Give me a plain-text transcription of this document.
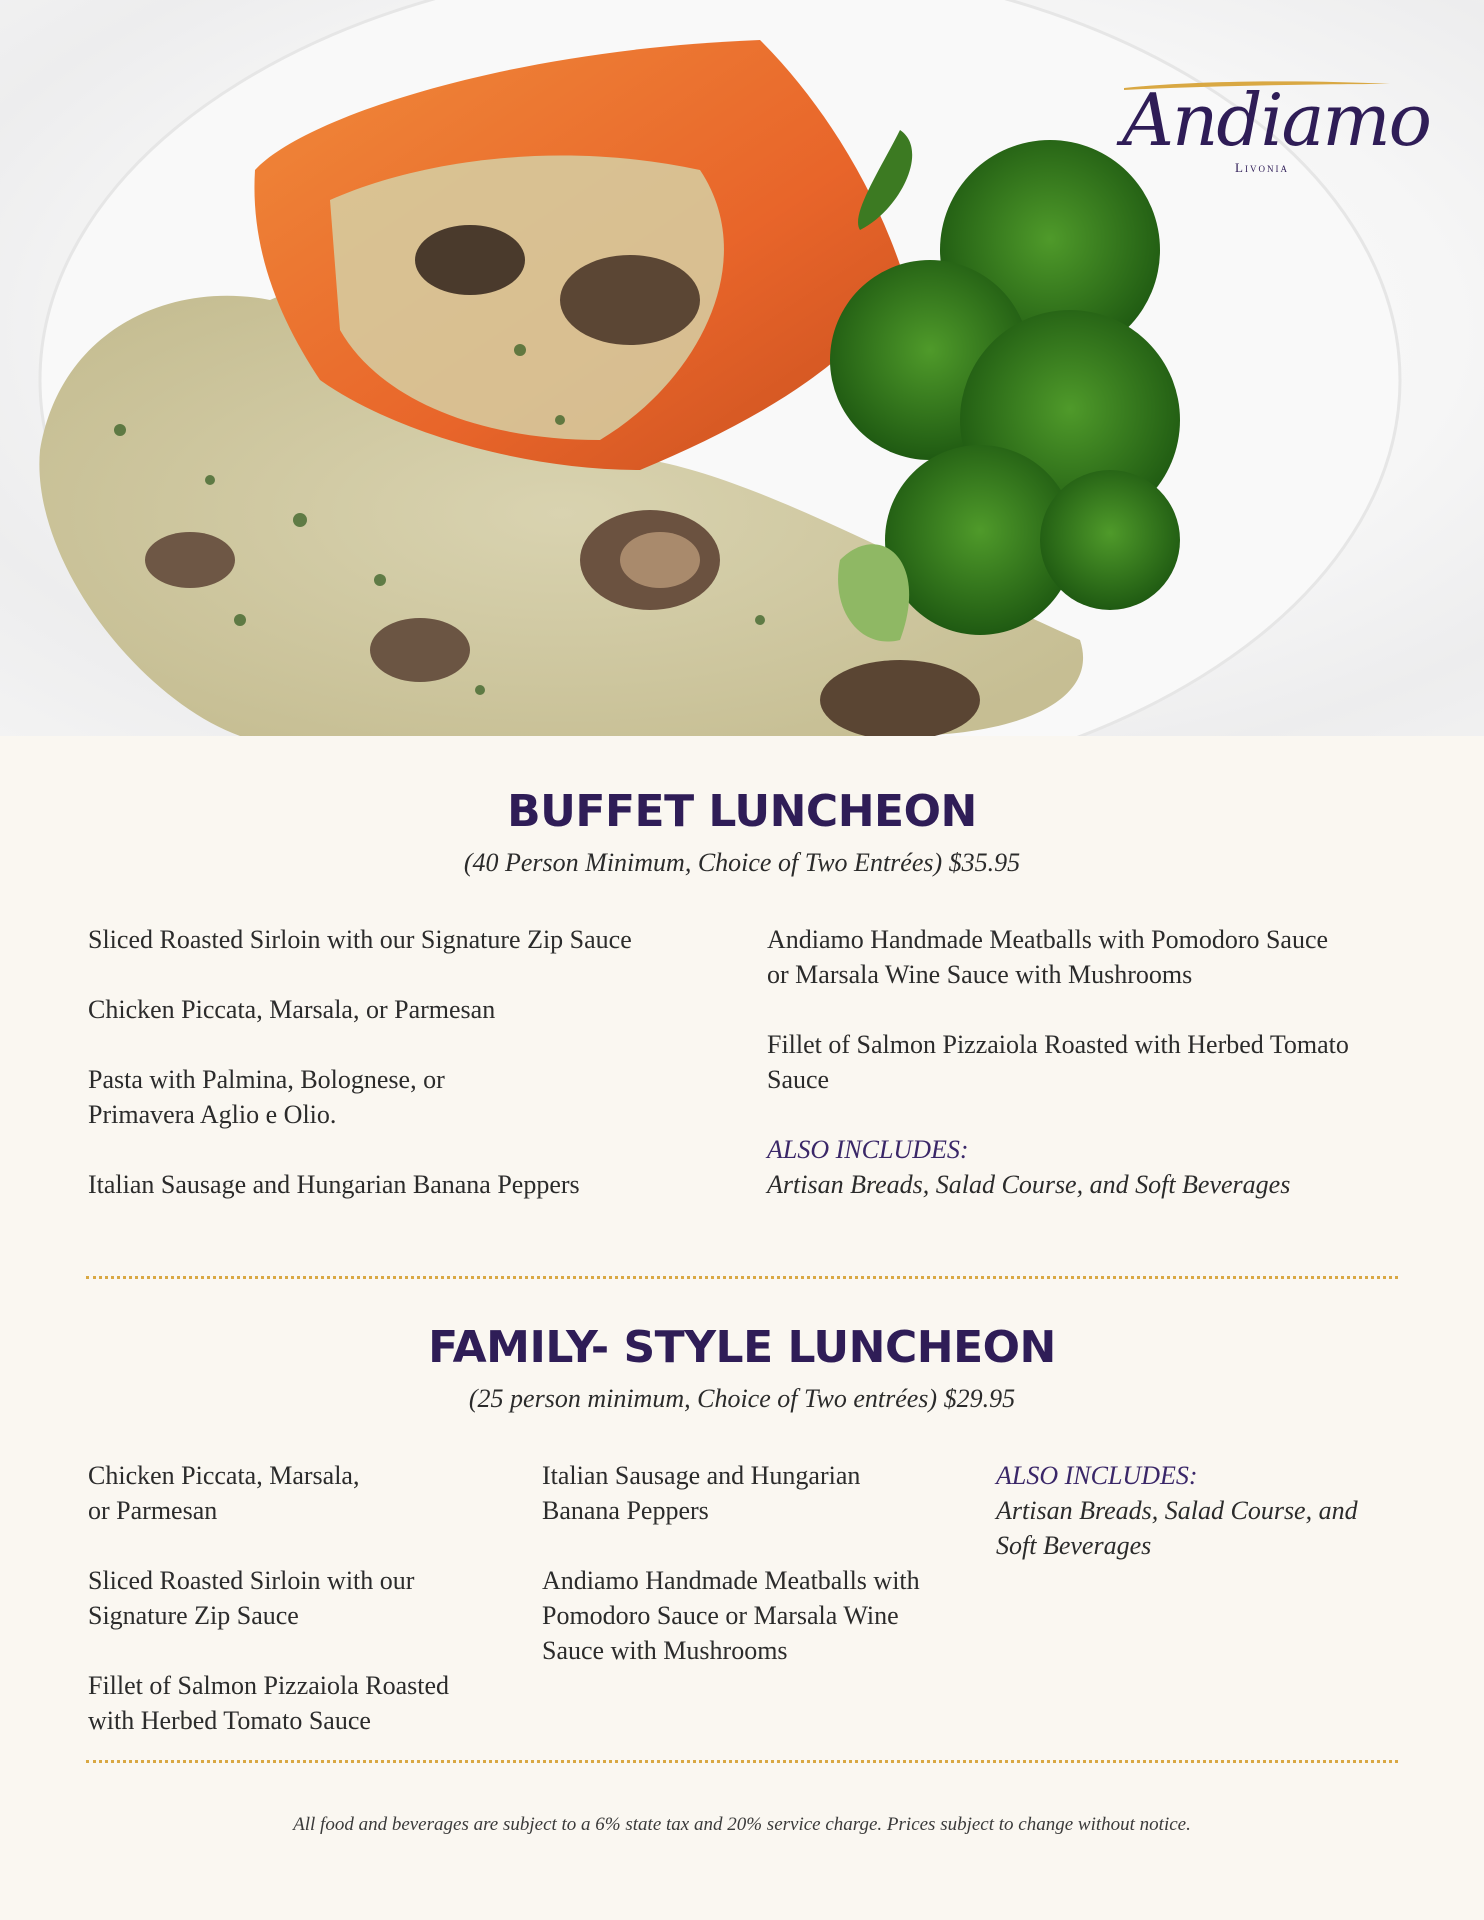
Andiamo
Livonia
BUFFET LUNCHEON
(40 Person Minimum, Choice of Two Entrées) $35.95
Sliced Roasted Sirloin with our Signature Zip Sauce
Chicken Piccata, Marsala, or Parmesan
Pasta with Palmina, Bolognese, or
Primavera Aglio e Olio.
Italian Sausage and Hungarian Banana Peppers
Andiamo Handmade Meatballs with Pomodoro Sauce
or Marsala Wine Sauce with Mushrooms
Fillet of Salmon Pizzaiola Roasted with Herbed Tomato
Sauce
ALSO INCLUDES:
Artisan Breads, Salad Course, and Soft Beverages
FAMILY- STYLE LUNCHEON
(25 person minimum, Choice of Two entrées) $29.95
Chicken Piccata, Marsala,
or Parmesan
Sliced Roasted Sirloin with our
Signature Zip Sauce
Fillet of Salmon Pizzaiola Roasted
with Herbed Tomato Sauce
Italian Sausage and Hungarian
Banana Peppers
Andiamo Handmade Meatballs with
Pomodoro Sauce or Marsala Wine
Sauce with Mushrooms
ALSO INCLUDES:
Artisan Breads, Salad Course, and
Soft Beverages
All food and beverages are subject to a 6% state tax and 20% service charge. Prices subject to change without notice.
